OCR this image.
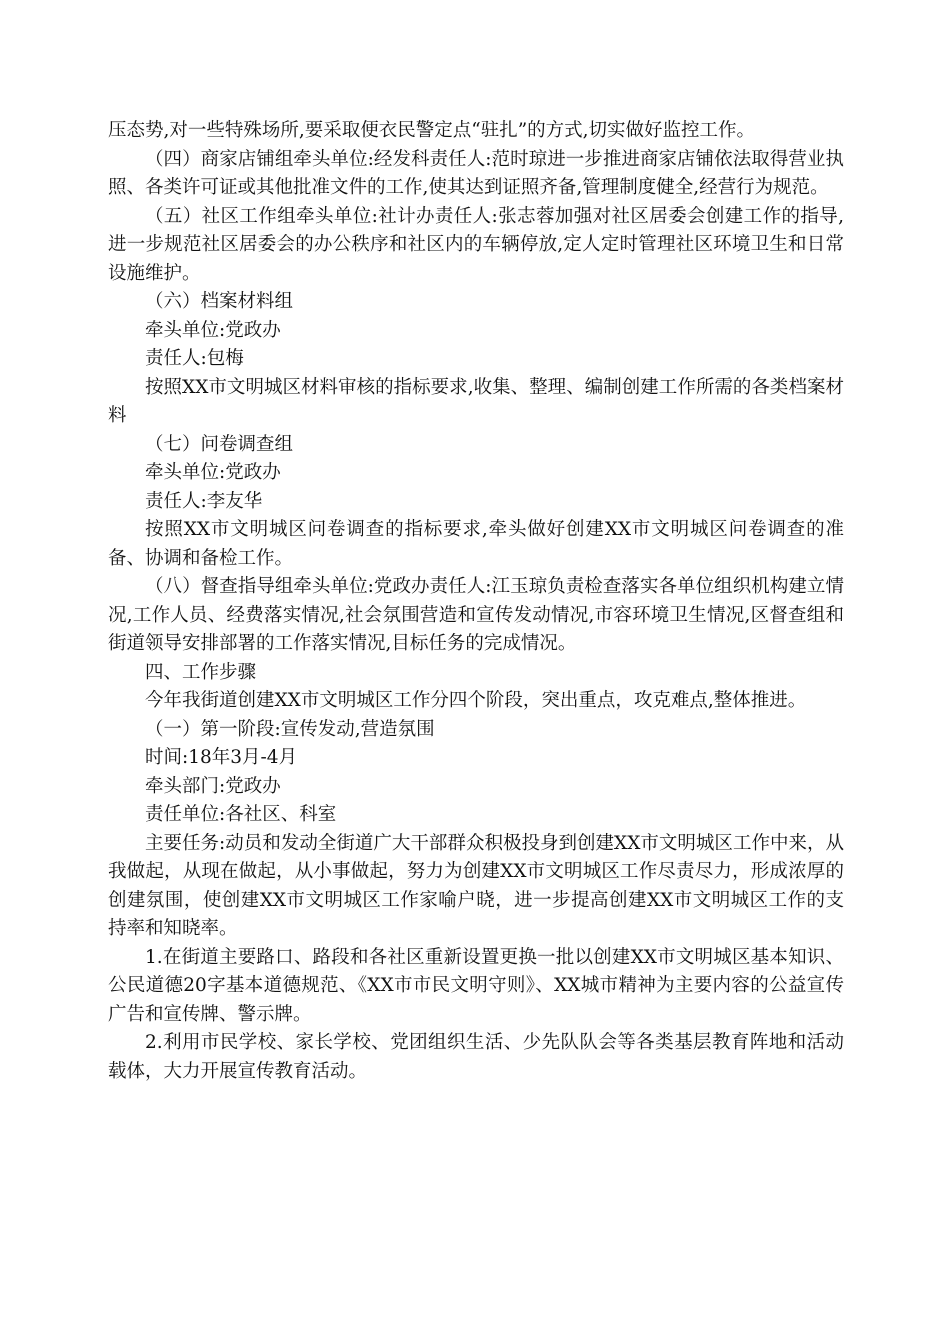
压态势,对一些特殊场所,要采取便衣民警定点“驻扎”的方式,切实做好监控工作。

（四）商家店铺组牵头单位:经发科责任人:范时琼进一步推进商家店铺依法取得营业执照、各类许可证或其他批准文件的工作,使其达到证照齐备,管理制度健全,经营行为规范。

（五）社区工作组牵头单位:社计办责任人:张志蓉加强对社区居委会创建工作的指导,进一步规范社区居委会的办公秩序和社区内的车辆停放,定人定时管理社区环境卫生和日常设施维护。

（六）档案材料组

牵头单位:党政办

责任人:包梅

按照XX市文明城区材料审核的指标要求,收集、整理、编制创建工作所需的各类档案材料

（七）问卷调查组

牵头单位:党政办

责任人:李友华

按照XX市文明城区问卷调查的指标要求,牵头做好创建XX市文明城区问卷调查的准备、协调和备检工作。

（八）督查指导组牵头单位:党政办责任人:江玉琼负责检查落实各单位组织机构建立情况,工作人员、经费落实情况,社会氛围营造和宣传发动情况,市容环境卫生情况,区督查组和街道领导安排部署的工作落实情况,目标任务的完成情况。

四、工作步骤

今年我街道创建XX市文明城区工作分四个阶段，突出重点，攻克难点,整体推进。

（一）第一阶段:宣传发动,营造氛围

时间:18年3月-4月

牵头部门:党政办

责任单位:各社区、科室

主要任务:动员和发动全街道广大干部群众积极投身到创建XX市文明城区工作中来，从我做起，从现在做起，从小事做起，努力为创建XX市文明城区工作尽责尽力，形成浓厚的创建氛围，使创建XX市文明城区工作家喻户晓，进一步提高创建XX市文明城区工作的支持率和知晓率。

1.在街道主要路口、路段和各社区重新设置更换一批以创建XX市文明城区基本知识、公民道德20字基本道德规范、《XX市市民文明守则》、XX城市精神为主要内容的公益宣传广告和宣传牌、警示牌。

2.利用市民学校、家长学校、党团组织生活、少先队队会等各类基层教育阵地和活动载体，大力开展宣传教育活动。
